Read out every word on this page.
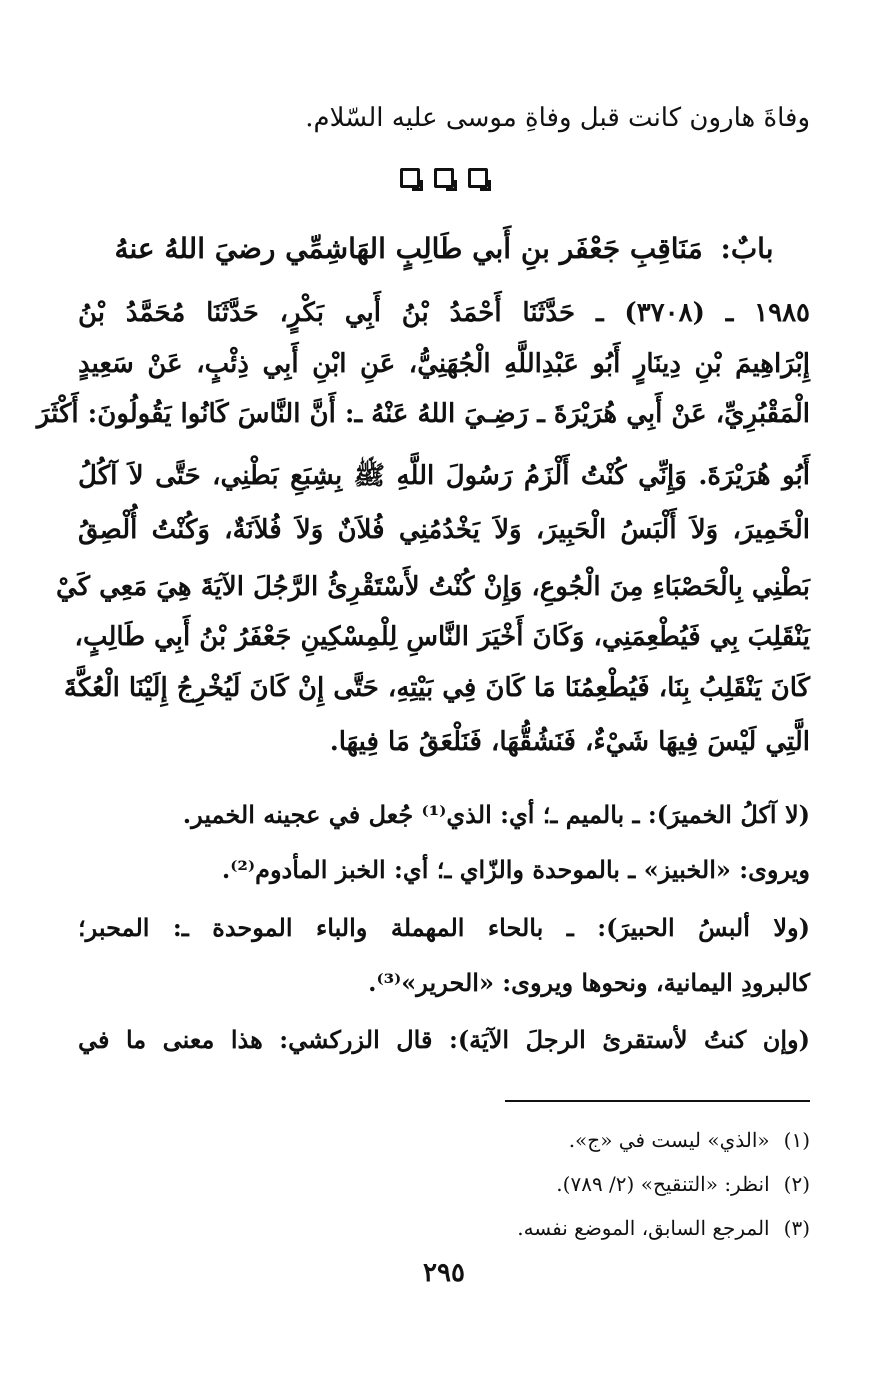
وفاةَ هارون كانت قبل وفاةِ موسى عليه السّلام.
بابٌ: مَنَاقِبِ جَعْفَر بنِ أَبي طَالِبٍ الهَاشِمِّي رضيَ اللهُ عنهُ
١٩٨٥ ـ (٣٧٠٨) ـ حَدَّثَنَا أَحْمَدُ بْنُ أَبِي بَكْرٍ، حَدَّثَنَا مُحَمَّدُ بْنُ
إِبْرَاهِيمَ بْنِ دِينَارٍ أَبُو عَبْدِاللَّهِ الْجُهَنِيُّ، عَنِ ابْنِ أَبِي ذِئْبٍ، عَنْ سَعِيدٍ
الْمَقْبُرِيِّ، عَنْ أَبِي هُرَيْرَةَ ـ رَضِـيَ اللهُ عَنْهُ ـ: أَنَّ النَّاسَ كَانُوا يَقُولُونَ: أَكْثَرَ
أَبُو هُرَيْرَةَ. وَإِنِّي كُنْتُ أَلْزَمُ رَسُولَ اللَّهِ ﷺ بِشِبَعِ بَطْنِي، حَتَّى لاَ آكُلُ
الْخَمِيرَ، وَلاَ أَلْبَسُ الْحَبِيرَ، وَلاَ يَخْدُمُنِي فُلاَنٌ وَلاَ فُلاَنَةٌ، وَكُنْتُ أُلْصِقُ
بَطْنِي بِالْحَصْبَاءِ مِنَ الْجُوعِ، وَإِنْ كُنْتُ لأَسْتَقْرِئُ الرَّجُلَ الآيَةَ هِيَ مَعِي كَيْ
يَنْقَلِبَ بِي فَيُطْعِمَنِي، وَكَانَ أَخْيَرَ النَّاسِ لِلْمِسْكِينِ جَعْفَرُ بْنُ أَبِي طَالِبٍ،
كَانَ يَنْقَلِبُ بِنَا، فَيُطْعِمُنَا مَا كَانَ فِي بَيْتِهِ، حَتَّى إِنْ كَانَ لَيُخْرِجُ إِلَيْنَا الْعُكَّةَ
الَّتِي لَيْسَ فِيهَا شَيْءٌ، فَنَشُقُّهَا، فَنَلْعَقُ مَا فِيهَا.
(لا آكلُ الخميرَ): ـ بالميم ـ؛ أي: الذي⁽¹⁾ جُعل في عجينه الخمير.
ويروى: «الخبيز» ـ بالموحدة والزّاي ـ؛ أي: الخبز المأدوم⁽²⁾.
(ولا ألبسُ الحبيرَ): ـ بالحاء المهملة والباء الموحدة ـ: المحبر؛
كالبرودِ اليمانية، ونحوها ويروى: «الحرير»⁽³⁾.
(وإن كنتُ لأستقرئ الرجلَ الآيَة): قال الزركشي: هذا معنى ما في
(١)«الذي» ليست في «ج».
(٢)انظر: «التنقيح» (٢/ ٧٨٩).
(٣)المرجع السابق، الموضع نفسه.
٢٩٥
